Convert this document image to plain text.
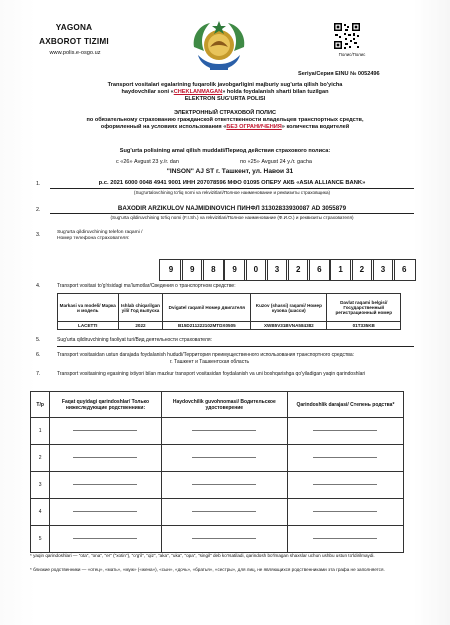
YAGONA
AXBOROT TIZIMI
www.polis.e-osgo.uz	Полис/Полис
Seriya/Серия EINU № 0052496
Transport vositalari egalarining fuqarolik javobgarligini majburiy sug'urta qilish bo'yicha
haydovchilar soni «CHEKLANMAGAN» holda foydalanish sharti bilan tuzilgan
ELEKTRON SUG'URTA POLISI
ЭЛЕКТРОННЫЙ СТРАХОВОЙ ПОЛИС
по обязательному страхованию гражданской ответственности владельцев транспортных средств,
оформленный на условиях использования «БЕЗ ОГРАНИЧЕНИЯ» количества водителей
Sug'urta polisining amal qilish muddati/Период действия страхового полиса:
с «26» Avgust 23 y./г. dan	по «25» Avgust 24 y./г. gacha
"INSON" AJ ST г. Ташкент, ул. Навои 31
1.	р.с. 2021 6000 0048 4941 9001 ИНН 207078596 МФО 01095 ОПЕРУ АКБ «ASIA ALLIANCE BANK»
(Sug'urtalovchining to'liq nomi va rekvizitlari/Полное наименование и реквизиты страховщика)
2.	BAXODIR ARZIKULOV NAJMIDINOVICH ПИНФЛ 31302833930087 AD 3055879
(Sug'urta qildiruvchining to'liq nomi (F.I.Sh.) va rekvizitlari/Полное наименование (Ф.И.О.) и реквизиты страхователя)
3.	Sug'urta qildiruvchining telefon raqami /Номер телефона страхователя:
9	9	8	9	0	3	2	6	1	2	3	6
4.	Transport vositasi to'g'risidagi ma'lumotlar/Сведения о транспортном средстве:
Markasi va modeli/ Марка и модель	Ishlab chiqarilgan yili/ Год выпуска	Dvigatel raqami/ Номер двигателя	Kuzov (shassi) raqami/ Номер кузова (шасси)	Davlat raqami belgisi/ Государственный регистрационный номер
LACETTI	2022	B15D211222102MTDX0505	XWB5V31BVNA584382	01T335KB
5.	Sug'urta qildiruvchining faoliyat turi/Вид деятельности страхователя:
6.	Transport vositasidan ustun darajada foydalanish hududi/Территория преимущественного использования транспортного средства:
г. Ташкент и Ташкентская область
7.	Transport vositasining egasining ixtiyori bilan mazkur transport vositasidan foydalanish va uni boshqarishga qo'yiladigan yaqin qarindoshlari
T/p	Faqat quyidagi qarindoshlar/ Только нижеследующие родственники:	Haydovchilik guvohnomasi/ Водительское удостоверение	Qarindoshlik darajasi/ Степень родства*
1			
2			
3			
4			
5			
* yaqin qarindoshlari — "ota", "ona", "er" ("xotin"), "o'g'il", "qiz", "aka", "uka", "opa", "singil" deb ko'rsatiladi, qarindosh bo'lmagan shaxslar uchun ushbu ustun to'ldirilmaydi.
* близкие родственники — «отец», «мать», «муж» («жена»), «сын», «дочь», «братья», «сестры», для лиц, не являющихся родственниками эта графа не заполняется.
